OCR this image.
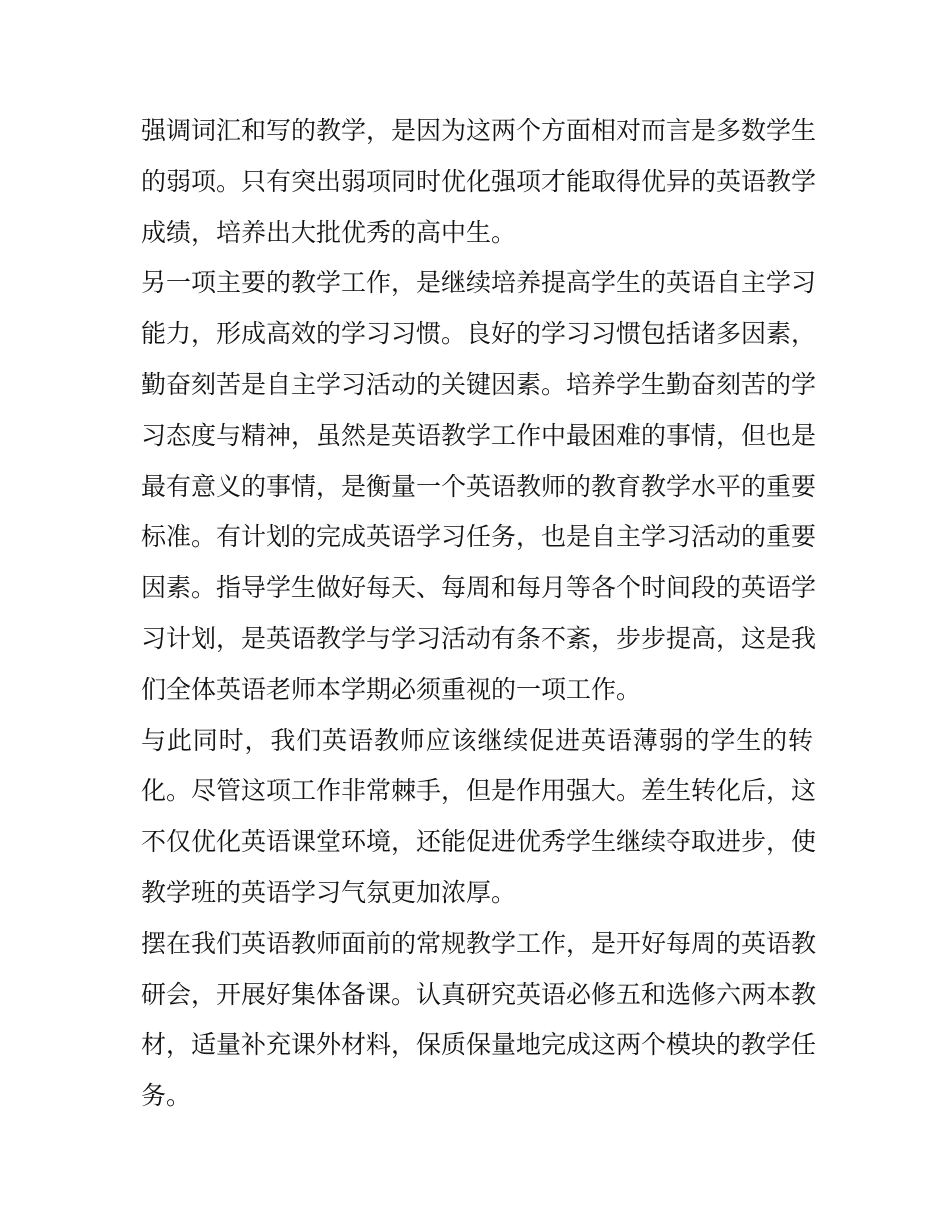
强调词汇和写的教学，是因为这两个方面相对而言是多数学生
的弱项。只有突出弱项同时优化强项才能取得优异的英语教学
成绩，培养出大批优秀的高中生。
另一项主要的教学工作，是继续培养提高学生的英语自主学习
能力，形成高效的学习习惯。良好的学习习惯包括诸多因素，
勤奋刻苦是自主学习活动的关键因素。培养学生勤奋刻苦的学
习态度与精神，虽然是英语教学工作中最困难的事情，但也是
最有意义的事情，是衡量一个英语教师的教育教学水平的重要
标准。有计划的完成英语学习任务，也是自主学习活动的重要
因素。指导学生做好每天、每周和每月等各个时间段的英语学
习计划，是英语教学与学习活动有条不紊，步步提高，这是我
们全体英语老师本学期必须重视的一项工作。
与此同时，我们英语教师应该继续促进英语薄弱的学生的转
化。尽管这项工作非常棘手，但是作用强大。差生转化后，这
不仅优化英语课堂环境，还能促进优秀学生继续夺取进步，使
教学班的英语学习气氛更加浓厚。
摆在我们英语教师面前的常规教学工作，是开好每周的英语教
研会，开展好集体备课。认真研究英语必修五和选修六两本教
材，适量补充课外材料，保质保量地完成这两个模块的教学任
务。
